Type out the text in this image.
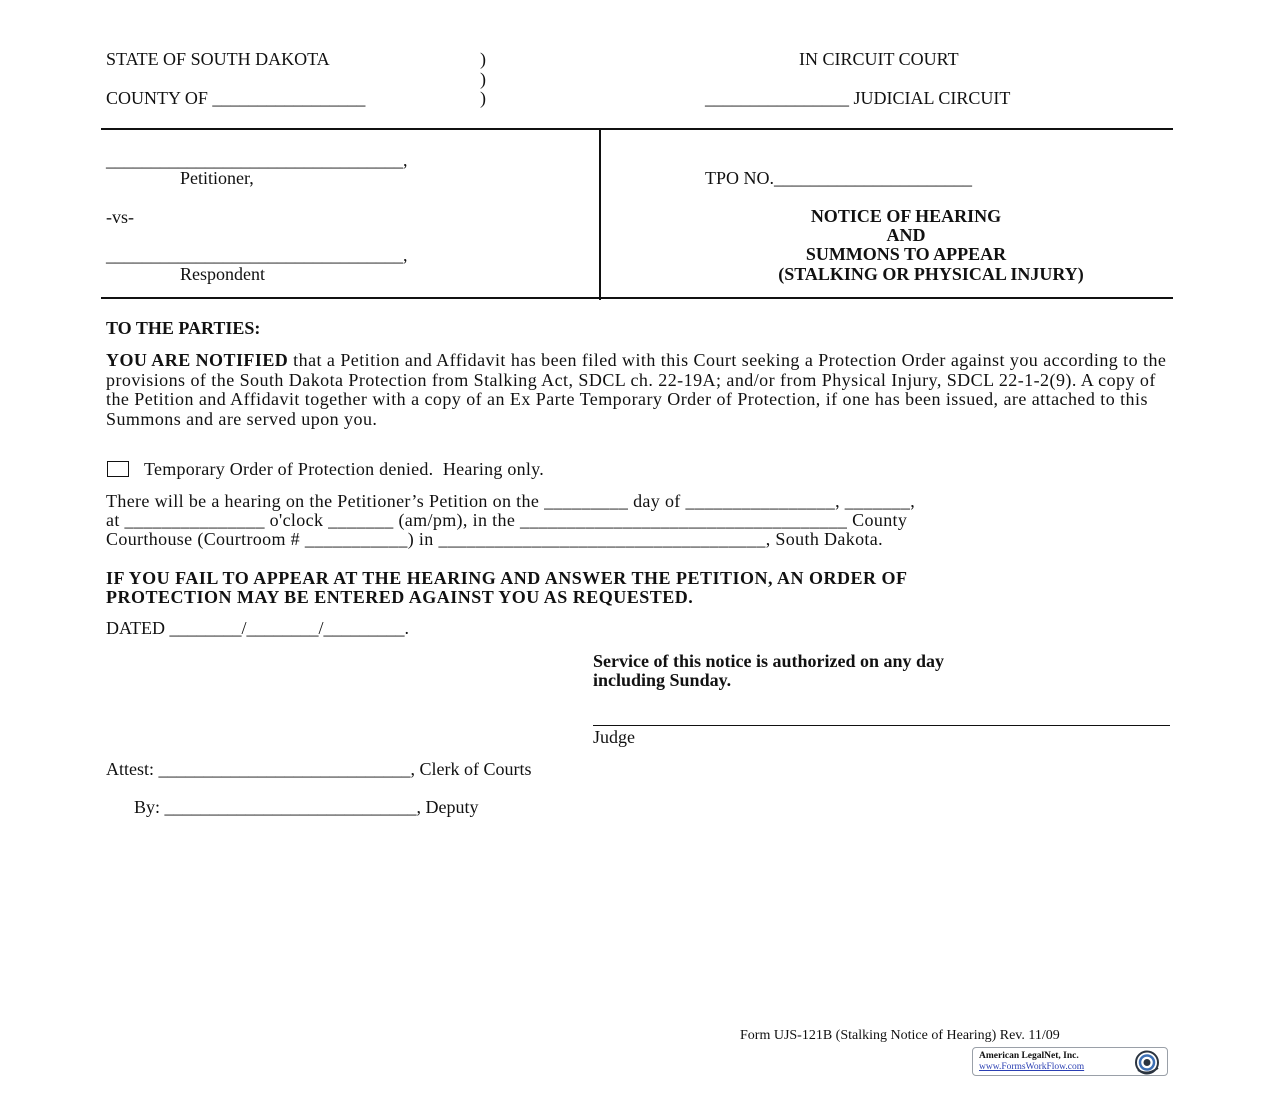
STATE OF SOUTH DAKOTA	)
)
COUNTY OF _________________	)
IN CIRCUIT COURT
________________ JUDICIAL CIRCUIT
_________________________________,
Petitioner,
-vs-
_________________________________,
Respondent
TPO NO.______________________
NOTICE OF HEARING
AND
SUMMONS TO APPEAR
(STALKING OR PHYSICAL INJURY)
TO THE PARTIES:
YOU ARE NOTIFIED that a Petition and Affidavit has been filed with this Court seeking a Protection Order against you according to the provisions of the South Dakota Protection from Stalking Act, SDCL ch. 22-19A; and/or from Physical Injury, SDCL 22-1-2(9). A copy of the Petition and Affidavit together with a copy of an Ex Parte Temporary Order of Protection, if one has been issued, are attached to this Summons and are served upon you.
Temporary Order of Protection denied.  Hearing only.
There will be a hearing on the Petitioner’s Petition on the _________ day of ________________, _______,
at _______________ o'clock _______ (am/pm), in the ___________________________________ County
Courthouse (Courtroom # ___________) in ___________________________________, South Dakota.
IF YOU FAIL TO APPEAR AT THE HEARING AND ANSWER THE PETITION, AN ORDER OF
PROTECTION MAY BE ENTERED AGAINST YOU AS REQUESTED.
DATED ________/________/_________.
Service of this notice is authorized on any day
including Sunday.
Judge
Attest: ____________________________, Clerk of Courts
By: ____________________________, Deputy
Form UJS-121B (Stalking Notice of Hearing) Rev. 11/09
American LegalNet, Inc.
www.FormsWorkFlow.com
